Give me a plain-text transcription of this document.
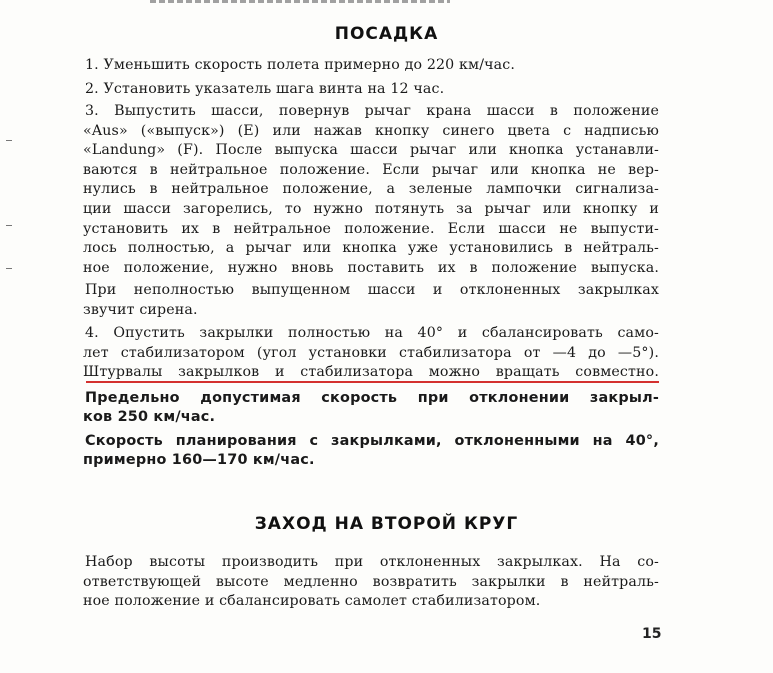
ПОСАДКА

1. Уменьшить скорость полета примерно до 220 км/час.

2. Установить указатель шага винта на 12 час.

3. Выпустить шасси, повернув рычаг крана шасси в положение
«Aus» («выпуск») (E) или нажав кнопку синего цвета с надписью
«Landung» (F). После выпуска шасси рычаг или кнопка устанавли-
ваются в нейтральное положение. Если рычаг или кнопка не вер-
нулись в нейтральное положение, а зеленые лампочки сигнализа-
ции шасси загорелись, то нужно потянуть за рычаг или кнопку и
установить их в нейтральное положение. Если шасси не выпусти-
лось полностью, а рычаг или кнопка уже установились в нейтраль-
ное положение, нужно вновь поставить их в положение выпуска.

При неполностью выпущенном шасси и отклоненных закрылках
звучит сирена.

4. Опустить закрылки полностью на 40° и сбалансировать само-
лет стабилизатором (угол установки стабилизатора от —4 до —5°).
Штурвалы закрылков и стабилизатора можно вращать совместно.

Предельно допустимая скорость при отклонении закрыл-
ков 250 км/час.

Скорость планирования с закрылками, отклоненными на 40°,
примерно 160—170 км/час.

ЗАХОД НА ВТОРОЙ КРУГ

Набор высоты производить при отклоненных закрылках. На со-
ответствующей высоте медленно возвратить закрылки в нейтраль-
ное положение и сбалансировать самолет стабилизатором.

15
